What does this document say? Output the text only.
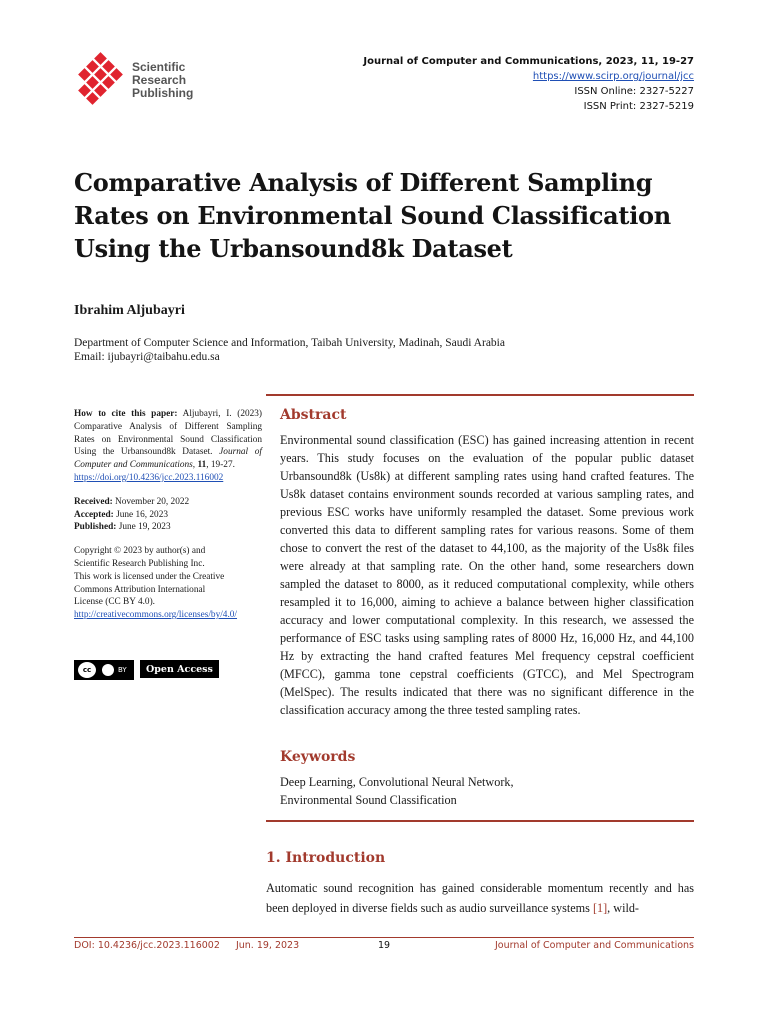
Scientific
Research
Publishing
Journal of Computer and Communications, 2023, 11, 19-27
https://www.scirp.org/journal/jcc
ISSN Online: 2327-5227
ISSN Print: 2327-5219
Comparative Analysis of Different Sampling
Rates on Environmental Sound Classification
Using the Urbansound8k Dataset
Ibrahim Aljubayri
Department of Computer Science and Information, Taibah University, Madinah, Saudi Arabia
Email: ijubayri@taibahu.edu.sa
How to cite this paper: Aljubayri, I. (2023) Comparative Analysis of Different Sampling Rates on Environmental Sound Classification Using the Urbansound8k Dataset. Journal of Computer and Communications, 11, 19-27.
https://doi.org/10.4236/jcc.2023.116002
Received: November 20, 2022
Accepted: June 16, 2023
Published: June 19, 2023
Copyright © 2023 by author(s) and
Scientific Research Publishing Inc.
This work is licensed under the Creative
Commons Attribution International
License (CC BY 4.0).
http://creativecommons.org/licenses/by/4.0/
cc	BY	Open Access
Abstract
Environmental sound classification (ESC) has gained increasing attention in recent years. This study focuses on the evaluation of the popular public dataset Urbansound8k (Us8k) at different sampling rates using hand crafted features. The Us8k dataset contains environment sounds recorded at various sampling rates, and previous ESC works have uniformly resampled the dataset. Some previous work converted this data to different sampling rates for various reasons. Some of them chose to convert the rest of the dataset to 44,100, as the majority of the Us8k files were already at that sampling rate. On the other hand, some researchers down sampled the dataset to 8000, as it reduced computational complexity, while others resampled it to 16,000, aiming to achieve a balance between higher classification accuracy and lower computational complexity. In this research, we assessed the performance of ESC tasks using sampling rates of 8000 Hz, 16,000 Hz, and 44,100 Hz by extracting the hand crafted features Mel frequency cepstral coefficient (MFCC), gamma tone cepstral coefficients (GTCC), and Mel Spectrogram (MelSpec). The results indicated that there was no significant difference in the classification accuracy among the three tested sampling rates.
Keywords
Deep Learning, Convolutional Neural Network,
Environmental Sound Classification
1. Introduction
Automatic sound recognition has gained considerable momentum recently and has been deployed in diverse fields such as audio surveillance systems [1], wild-
DOI: 10.4236/jcc.2023.116002 Jun. 19, 2023	19	Journal of Computer and Communications
